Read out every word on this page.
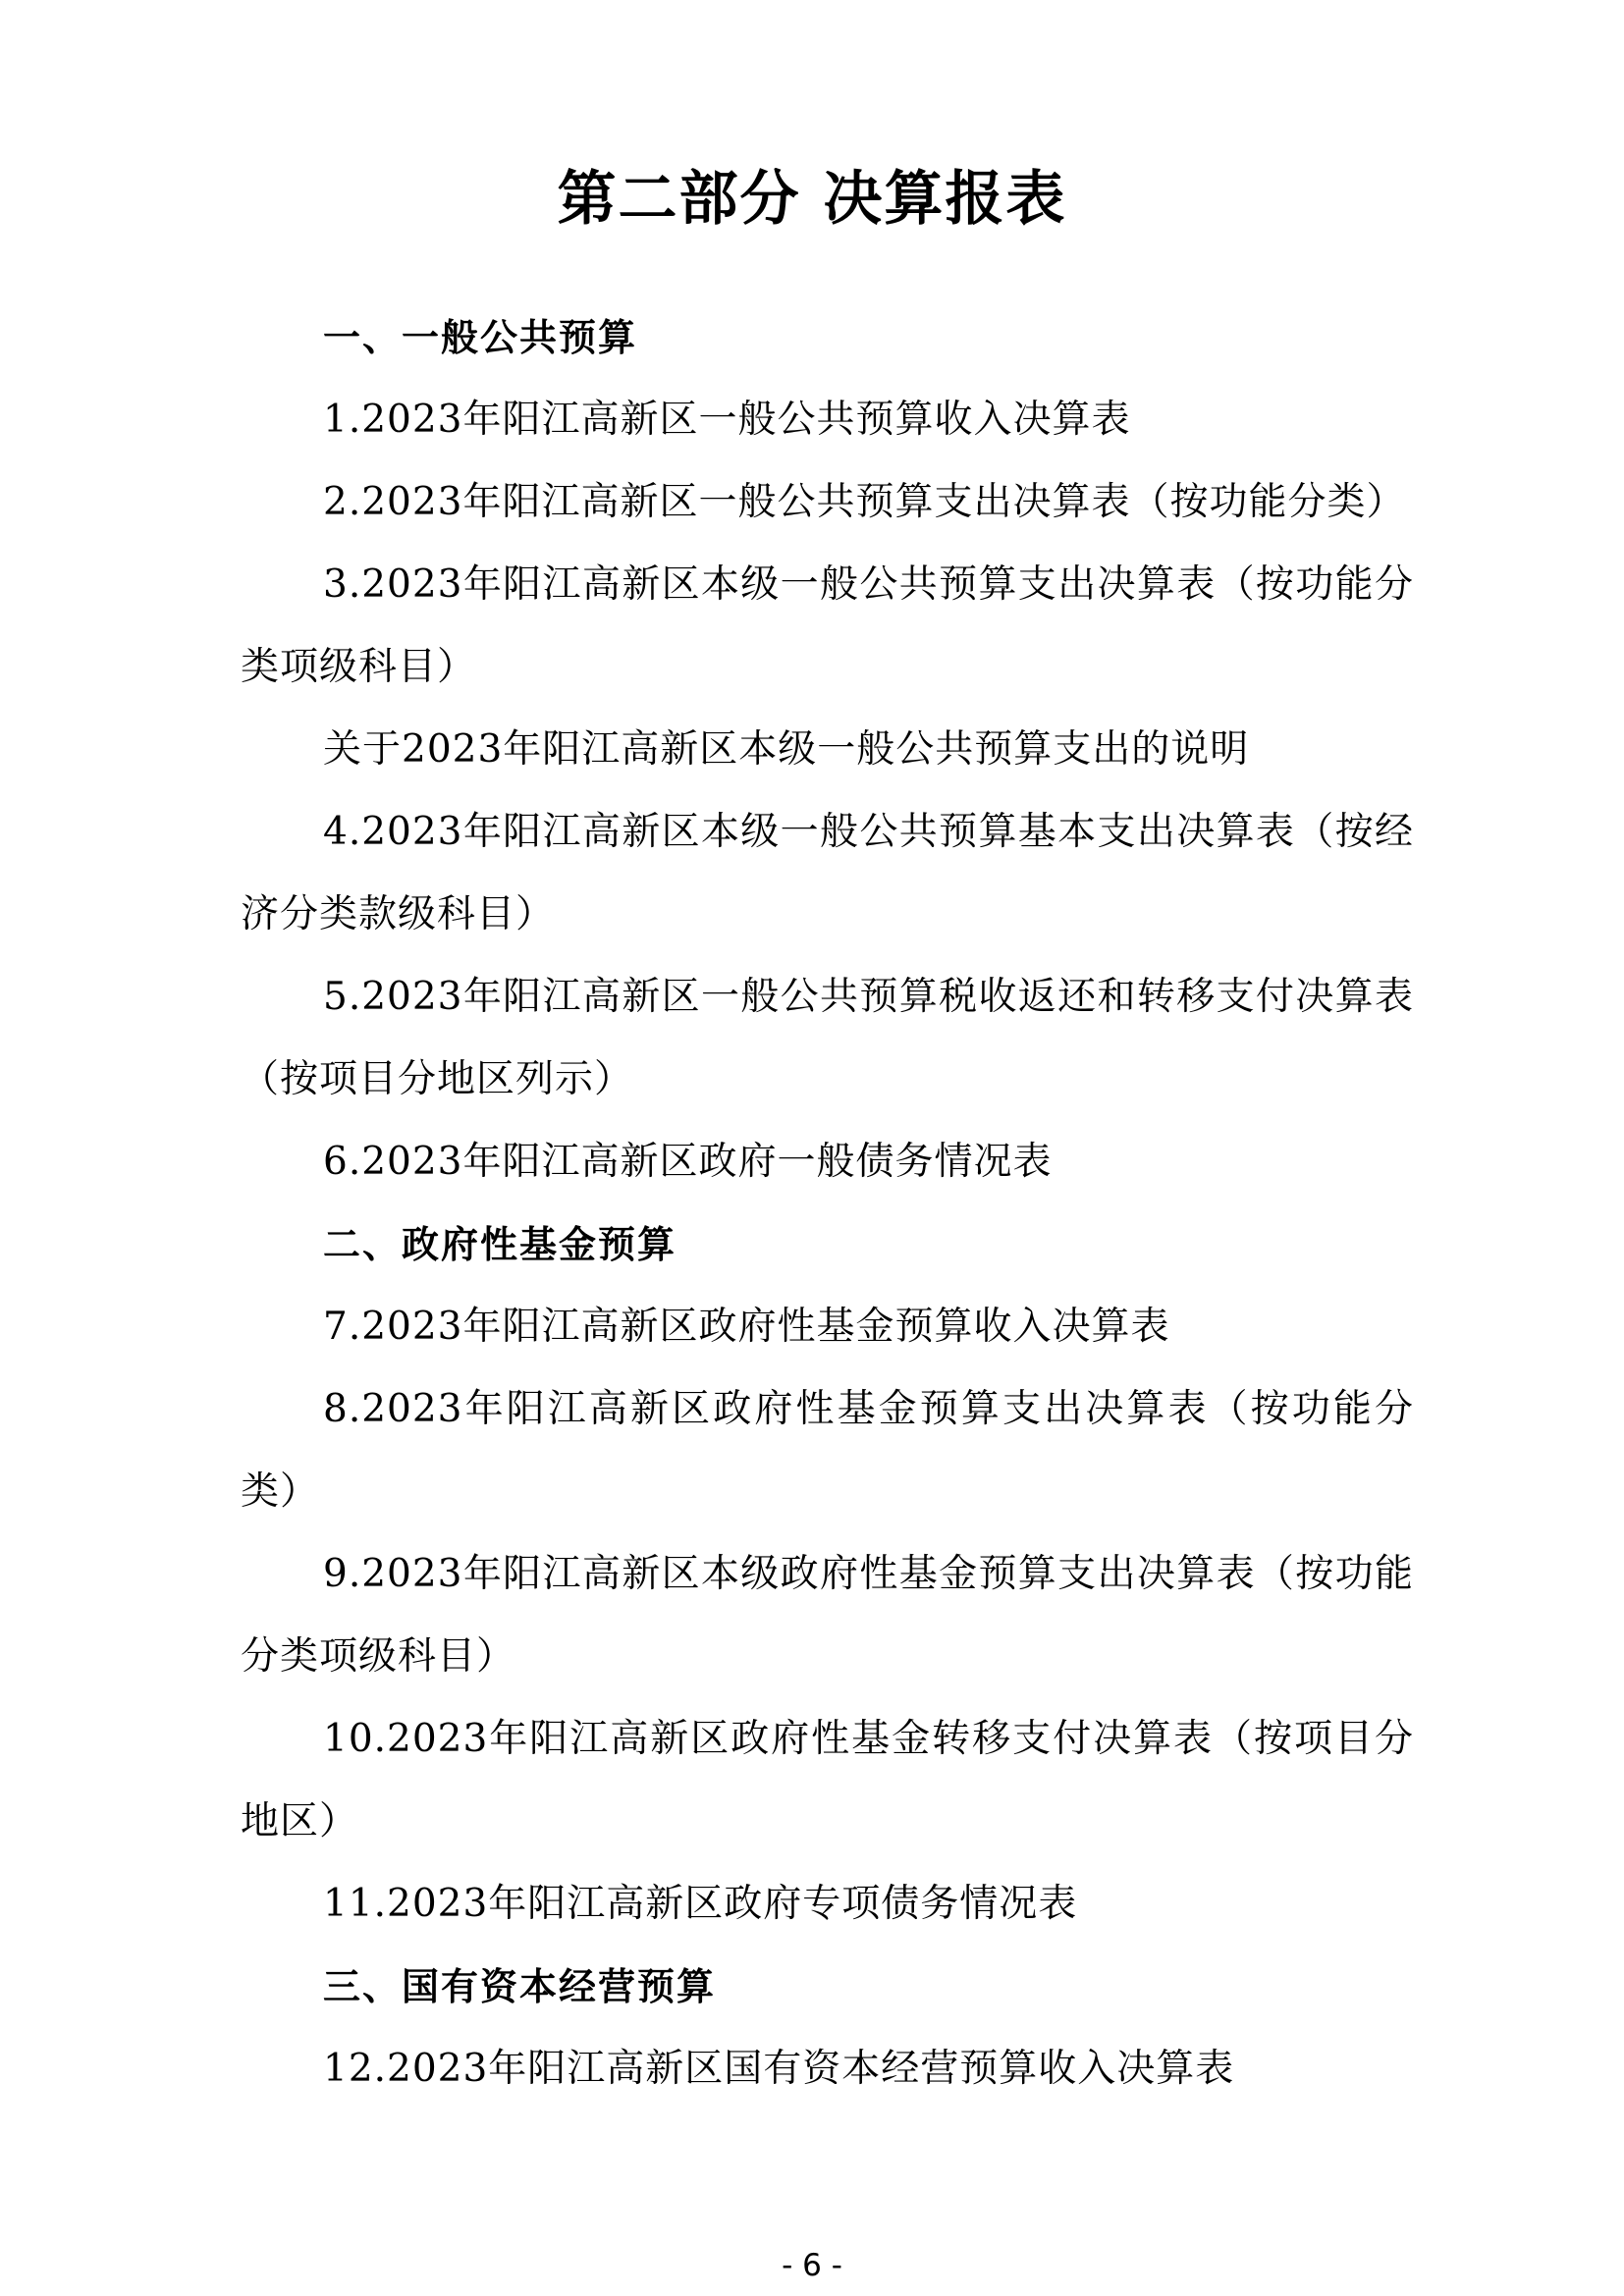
第二部分 决算报表

一、一般公共预算

1.2023年阳江高新区一般公共预算收入决算表

2.2023年阳江高新区一般公共预算支出决算表（按功能分类）

3.2023年阳江高新区本级一般公共预算支出决算表（按功能分类项级科目）

关于2023年阳江高新区本级一般公共预算支出的说明

4.2023年阳江高新区本级一般公共预算基本支出决算表（按经济分类款级科目）

5.2023年阳江高新区一般公共预算税收返还和转移支付决算表（按项目分地区列示）

6.2023年阳江高新区政府一般债务情况表

二、政府性基金预算

7.2023年阳江高新区政府性基金预算收入决算表

8.2023年阳江高新区政府性基金预算支出决算表（按功能分类）

9.2023年阳江高新区本级政府性基金预算支出决算表（按功能分类项级科目）

10.2023年阳江高新区政府性基金转移支付决算表（按项目分地区）

11.2023年阳江高新区政府专项债务情况表

三、国有资本经营预算

12.2023年阳江高新区国有资本经营预算收入决算表

- 6 -
